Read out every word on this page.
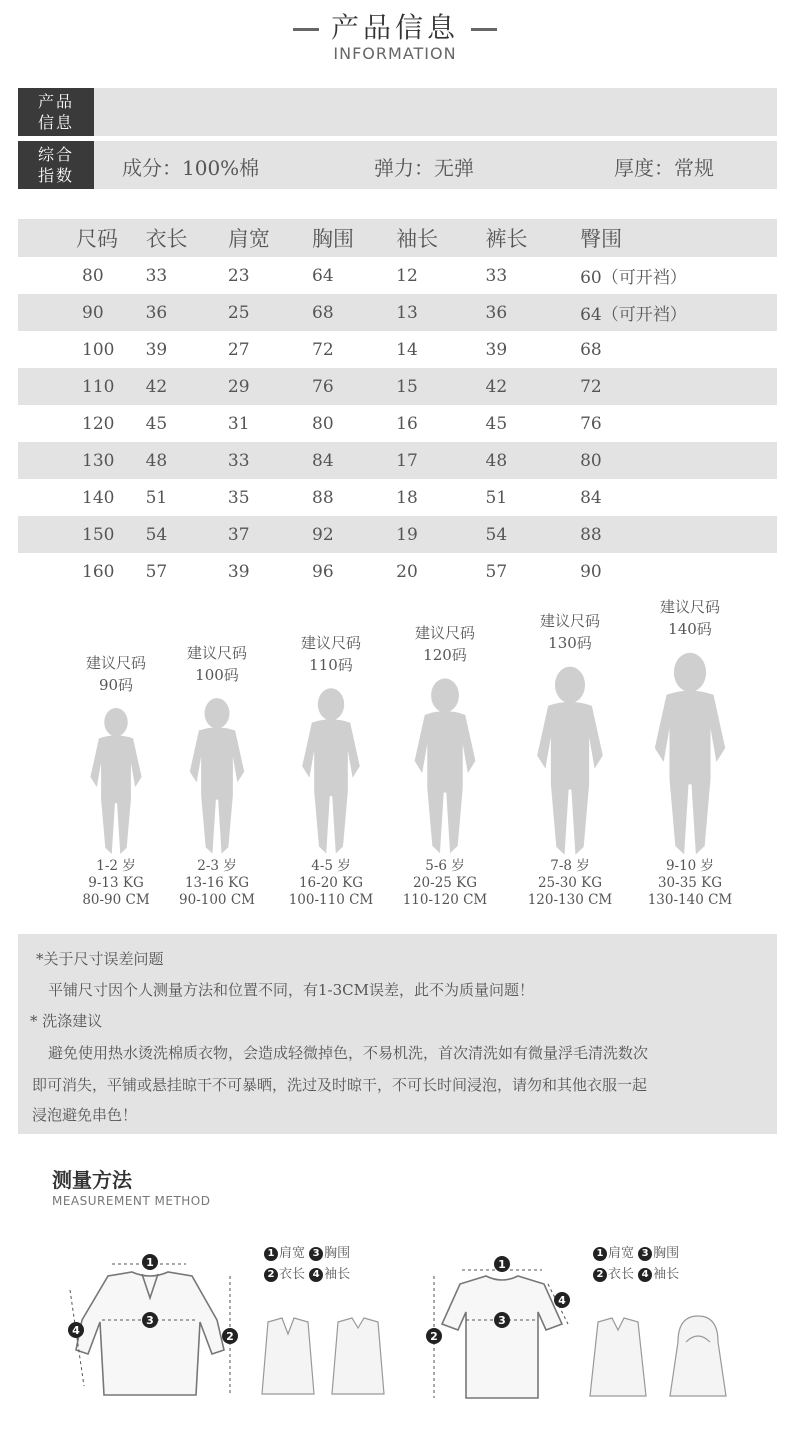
产品信息
INFORMATION
产品
信息
综合
指数	成分：100%棉	弹力：无弹	厚度：常规
尺码	衣长	肩宽	胸围	袖长	裤长	臀围
80	33	23	64	12	33	60（可开裆）
90	36	25	68	13	36	64（可开裆）
100	39	27	72	14	39	68
110	42	29	76	15	42	72
120	45	31	80	16	45	76
130	48	33	84	17	48	80
140	51	35	88	18	51	84
150	54	37	92	19	54	88
160	57	39	96	20	57	90
建议尺码
90码
1-2 岁
9-13 KG
80-90 CM
建议尺码
100码
2-3 岁
13-16 KG
90-100 CM
建议尺码
110码
4-5 岁
16-20 KG
100-110 CM
建议尺码
120码
5-6 岁
20-25 KG
110-120 CM
建议尺码
130码
7-8 岁
25-30 KG
120-130 CM
建议尺码
140码
9-10 岁
30-35 KG
130-140 CM

*关于尺寸误差问题

平铺尺寸因个人测量方法和位置不同，有1-3CM误差，此不为质量问题！

* 洗涤建议

避免使用热水烫洗棉质衣物，会造成轻微掉色，不易机洗，首次清洗如有微量浮毛清洗数次

即可消失，平铺或悬挂晾干不可暴晒，洗过及时晾干，不可长时间浸泡，请勿和其他衣服一起

浸泡避免串色！

测量方法
MEASUREMENT METHOD
1 肩宽 3 胸围
2 衣长 4 袖长
1 肩宽 3 胸围
2 衣长 4 袖长
1
3
2
4
1
3
2
4
